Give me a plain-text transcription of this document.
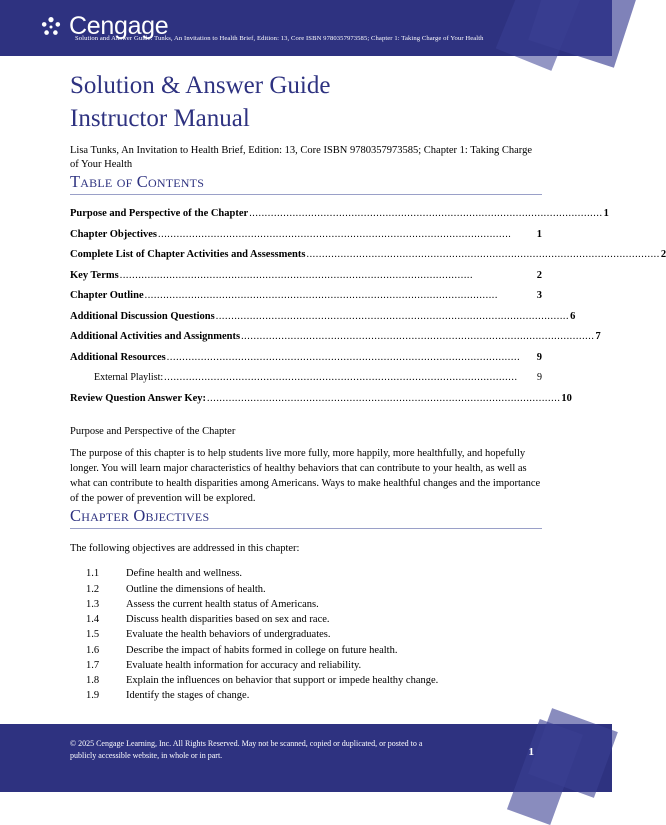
Cengage
Solution and Answer Guide: Tunks, An Invitation to Health Brief, Edition: 13, Core ISBN 9780357973585; Chapter 1: Taking Charge of Your Health
Solution & Answer Guide
Instructor Manual
Lisa Tunks, An Invitation to Health Brief, Edition: 13, Core ISBN 9780357973585; Chapter 1: Taking Charge of Your Health
Table of Contents
Purpose and Perspective of the Chapter .................................................................................................................. 1
Chapter Objectives ..................................................................................................................	1
Complete List of Chapter Activities and Assessments .................................................................................................................. 2
Key Terms ..................................................................................................................	2
Chapter Outline ..................................................................................................................	3
Additional Discussion Questions .................................................................................................................. 6
Additional Activities and Assignments .................................................................................................................. 7
Additional Resources ..................................................................................................................	9
External Playlist: ..................................................................................................................	9
Review Question Answer Key: .................................................................................................................. 10
Purpose and Perspective of the Chapter
The purpose of this chapter is to help students live more fully, more happily, more healthfully, and hopefully longer. You will learn major characteristics of healthy behaviors that can contribute to your health, as well as what can contribute to health disparities among Americans. Ways to make healthful changes and the importance of the power of prevention will be explored.
Chapter Objectives
The following objectives are addressed in this chapter:
1.1	Define health and wellness.
1.2	Outline the dimensions of health.
1.3	Assess the current health status of Americans.
1.4	Discuss health disparities based on sex and race.
1.5	Evaluate the health behaviors of undergraduates.
1.6	Describe the impact of habits formed in college on future health.
1.7	Evaluate health information for accuracy and reliability.
1.8	Explain the influences on behavior that support or impede healthy change.
1.9	Identify the stages of change.
© 2025 Cengage Learning, Inc. All Rights Reserved. May not be scanned, copied or duplicated, or posted to a publicly accessible website, in whole or in part.	1
